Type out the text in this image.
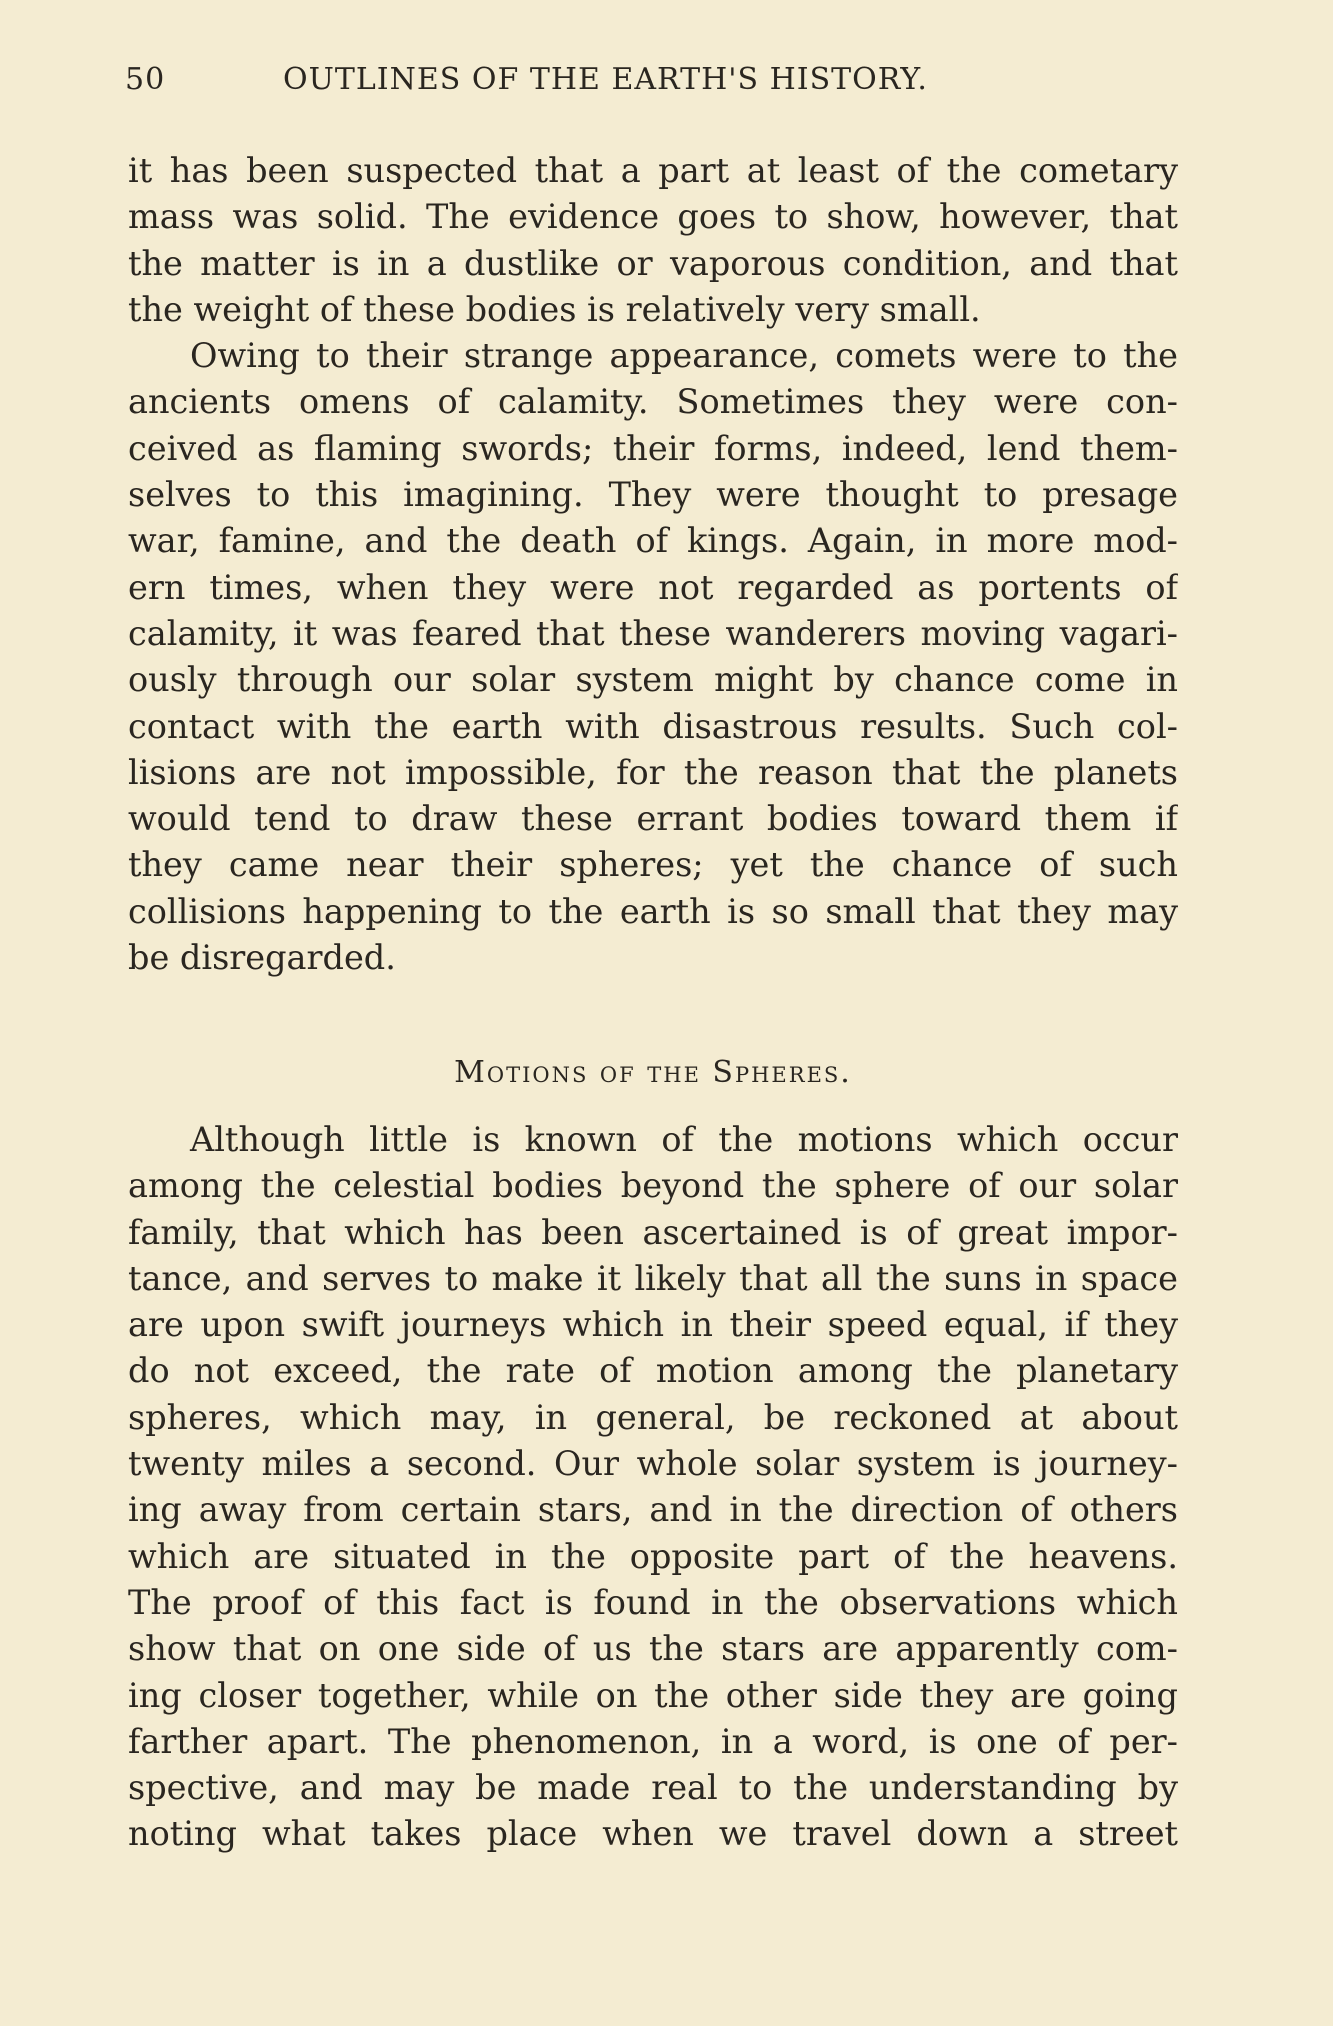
50	OUTLINES OF THE EARTH'S HISTORY.
it has been suspected that a part at least of the cometary
mass was solid. The evidence goes to show, however, that
the matter is in a dustlike or vaporous condition, and that
the weight of these bodies is relatively very small.
Owing to their strange appearance, comets were to the
ancients omens of calamity. Sometimes they were con-
ceived as flaming swords; their forms, indeed, lend them-
selves to this imagining. They were thought to presage
war, famine, and the death of kings. Again, in more mod-
ern times, when they were not regarded as portents of
calamity, it was feared that these wanderers moving vagari-
ously through our solar system might by chance come in
contact with the earth with disastrous results. Such col-
lisions are not impossible, for the reason that the planets
would tend to draw these errant bodies toward them if
they came near their spheres; yet the chance of such
collisions happening to the earth is so small that they may
be disregarded.
Motions of the Spheres.
Although little is known of the motions which occur
among the celestial bodies beyond the sphere of our solar
family, that which has been ascertained is of great impor-
tance, and serves to make it likely that all the suns in space
are upon swift journeys which in their speed equal, if they
do not exceed, the rate of motion among the planetary
spheres, which may, in general, be reckoned at about
twenty miles a second. Our whole solar system is journey-
ing away from certain stars, and in the direction of others
which are situated in the opposite part of the heavens.
The proof of this fact is found in the observations which
show that on one side of us the stars are apparently com-
ing closer together, while on the other side they are going
farther apart. The phenomenon, in a word, is one of per-
spective, and may be made real to the understanding by
noting what takes place when we travel down a street
